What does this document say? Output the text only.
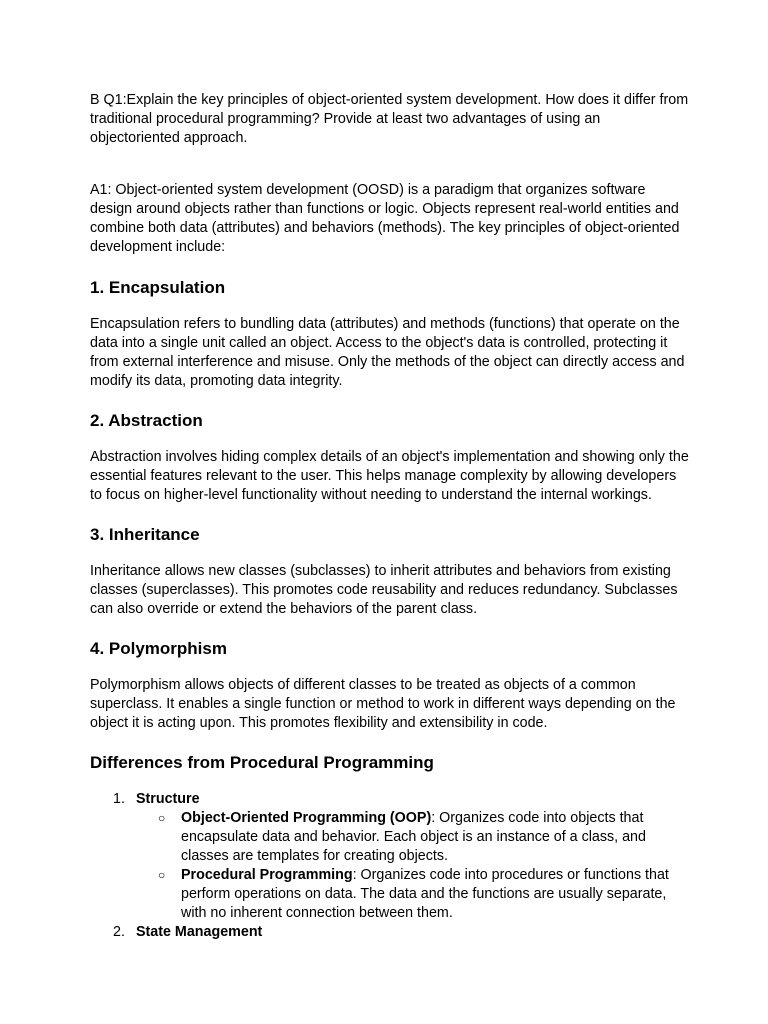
B Q1:Explain the key principles of object-oriented system development. How does it differ from traditional procedural programming? Provide at least two advantages of using an objectoriented approach.

A1: Object-oriented system development (OOSD) is a paradigm that organizes software design around objects rather than functions or logic. Objects represent real-world entities and combine both data (attributes) and behaviors (methods). The key principles of object-oriented development include:

1. Encapsulation

Encapsulation refers to bundling data (attributes) and methods (functions) that operate on the data into a single unit called an object. Access to the object's data is controlled, protecting it from external interference and misuse. Only the methods of the object can directly access and modify its data, promoting data integrity.

2. Abstraction

Abstraction involves hiding complex details of an object's implementation and showing only the essential features relevant to the user. This helps manage complexity by allowing developers to focus on higher-level functionality without needing to understand the internal workings.

3. Inheritance

Inheritance allows new classes (subclasses) to inherit attributes and behaviors from existing classes (superclasses). This promotes code reusability and reduces redundancy. Subclasses can also override or extend the behaviors of the parent class.

4. Polymorphism

Polymorphism allows objects of different classes to be treated as objects of a common superclass. It enables a single function or method to work in different ways depending on the object it is acting upon. This promotes flexibility and extensibility in code.

Differences from Procedural Programming
1. Structure
○ Object-Oriented Programming (OOP): Organizes code into objects that encapsulate data and behavior. Each object is an instance of a class, and classes are templates for creating objects.
○ Procedural Programming: Organizes code into procedures or functions that perform operations on data. The data and the functions are usually separate, with no inherent connection between them.
2. State Management
